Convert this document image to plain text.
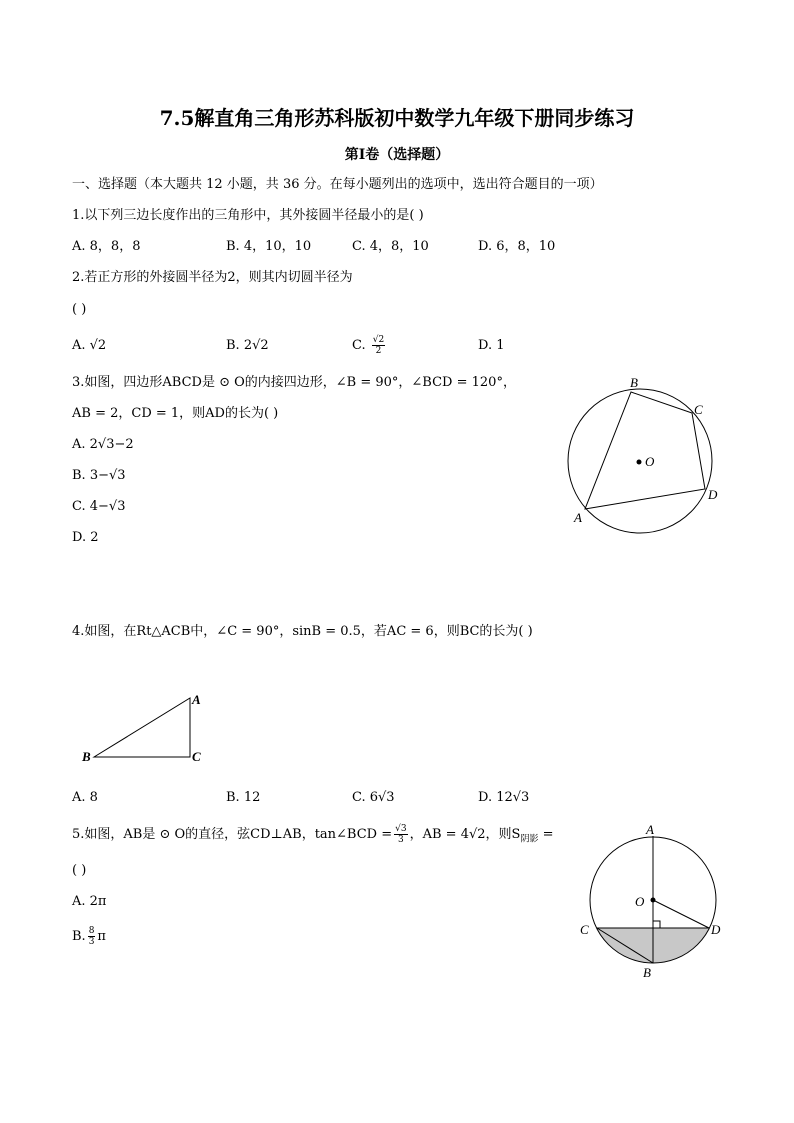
7.5解直角三角形苏科版初中数学九年级下册同步练习
第I卷（选择题）
一、选择题（本大题共 12 小题，共 36 分。在每小题列出的选项中，选出符合题目的一项）
1.以下列三边长度作出的三角形中，其外接圆半径最小的是( )
A. 8，8，8	B. 4，10，10	C. 4，8，10	D. 6，8，10
2.若正方形的外接圆半径为2，则其内切圆半径为
( )
A. √2	B. 2√2	C. $\frac{√2}{2}$	D. 1
3.如图，四边形ABCD是 ⊙ O的内接四边形，∠B = 90°，∠BCD = 120°，
AB = 2，CD = 1，则AD的长为( )
A. 2√3−2
B. 3−√3
C. 4−√3
D. 2
B
C
O
D
A
4.如图，在Rt△ACB中，∠C = 90°，sinB = 0.5，若AC = 6，则BC的长为( )
A
B	C
A. 8	B. 12	C. 6√3	D. 12√3
5.如图，AB是 ⊙ O的直径，弦CD⊥AB，tan∠BCD = $\frac{√3}{3}$ ，AB = 4√2，则$S_{阴影}$ =
( )
A. 2π
B. $\frac{8}{3}$ π
A
O
C	D
B
